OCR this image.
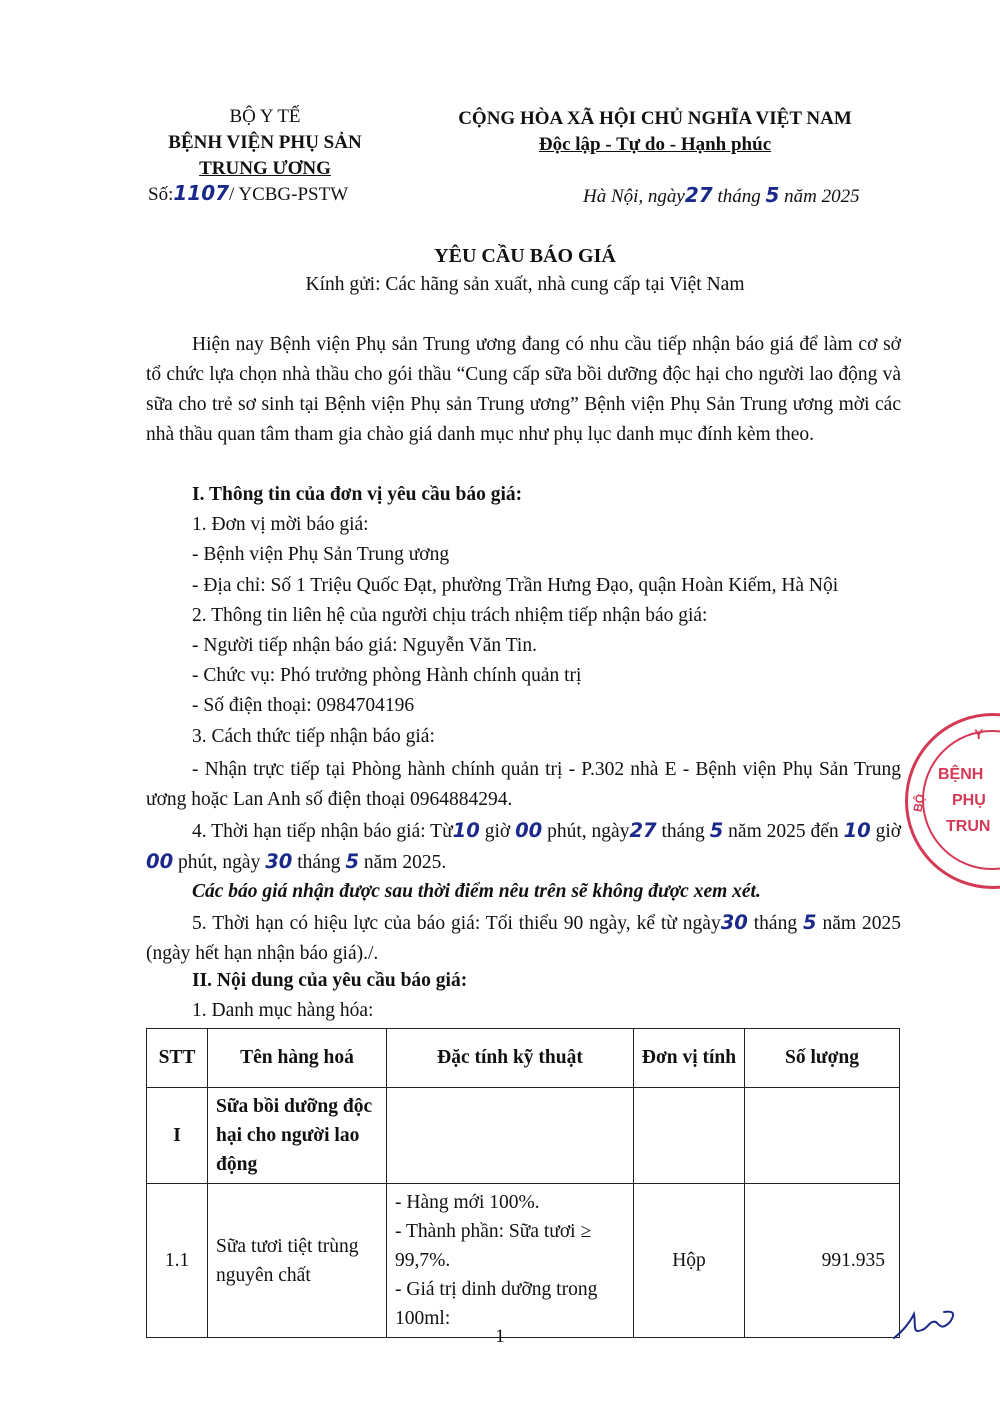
BỘ Y TẾ
BỆNH VIỆN PHỤ SẢN
TRUNG ƯƠNG
Số:1107/ YCBG-PSTW
CỘNG HÒA XÃ HỘI CHỦ NGHĨA VIỆT NAM
Độc lập - Tự do - Hạnh phúc
Hà Nội, ngày27 tháng 5 năm 2025
YÊU CẦU BÁO GIÁ
Kính gửi: Các hãng sản xuất, nhà cung cấp tại Việt Nam
Hiện nay Bệnh viện Phụ sản Trung ương đang có nhu cầu tiếp nhận báo giá để làm cơ sở tổ chức lựa chọn nhà thầu cho gói thầu “Cung cấp sữa bồi dưỡng độc hại cho người lao động và sữa cho trẻ sơ sinh tại Bệnh viện Phụ sản Trung ương” Bệnh viện Phụ Sản Trung ương mời các nhà thầu quan tâm tham gia chào giá danh mục như phụ lục danh mục đính kèm theo.
I. Thông tin của đơn vị yêu cầu báo giá:
1. Đơn vị mời báo giá:
- Bệnh viện Phụ Sản Trung ương
- Địa chỉ: Số 1 Triệu Quốc Đạt, phường Trần Hưng Đạo, quận Hoàn Kiếm, Hà Nội
2. Thông tin liên hệ của người chịu trách nhiệm tiếp nhận báo giá:
- Người tiếp nhận báo giá: Nguyễn Văn Tin.
- Chức vụ: Phó trưởng phòng Hành chính quản trị
- Số điện thoại: 0984704196
3. Cách thức tiếp nhận báo giá:
- Nhận trực tiếp tại Phòng hành chính quản trị - P.302 nhà E - Bệnh viện Phụ Sản Trung ương hoặc Lan Anh số điện thoại 0964884294.
4. Thời hạn tiếp nhận báo giá: Từ10 giờ 00 phút, ngày27 tháng 5 năm 2025 đến 10 giờ 00 phút, ngày 30 tháng 5 năm 2025.
Các báo giá nhận được sau thời điểm nêu trên sẽ không được xem xét.
5. Thời hạn có hiệu lực của báo giá: Tối thiểu 90 ngày, kể từ ngày30 tháng 5 năm 2025 (ngày hết hạn nhận báo giá)./.
II. Nội dung của yêu cầu báo giá:
1. Danh mục hàng hóa:
STT	Tên hàng hoá	Đặc tính kỹ thuật	Đơn vị tính	Số lượng
I	Sữa bồi dưỡng độc hại cho người lao động			

1.1	Sữa tươi tiệt trùng nguyên chất	- Hàng mới 100%.
- Thành phần: Sữa tươi ≥ 99,7%.
- Giá trị dinh dưỡng trong 100ml:	Hộp	991.935
1
Y
BỆNH
PHỤ
TRUN
BỘ
